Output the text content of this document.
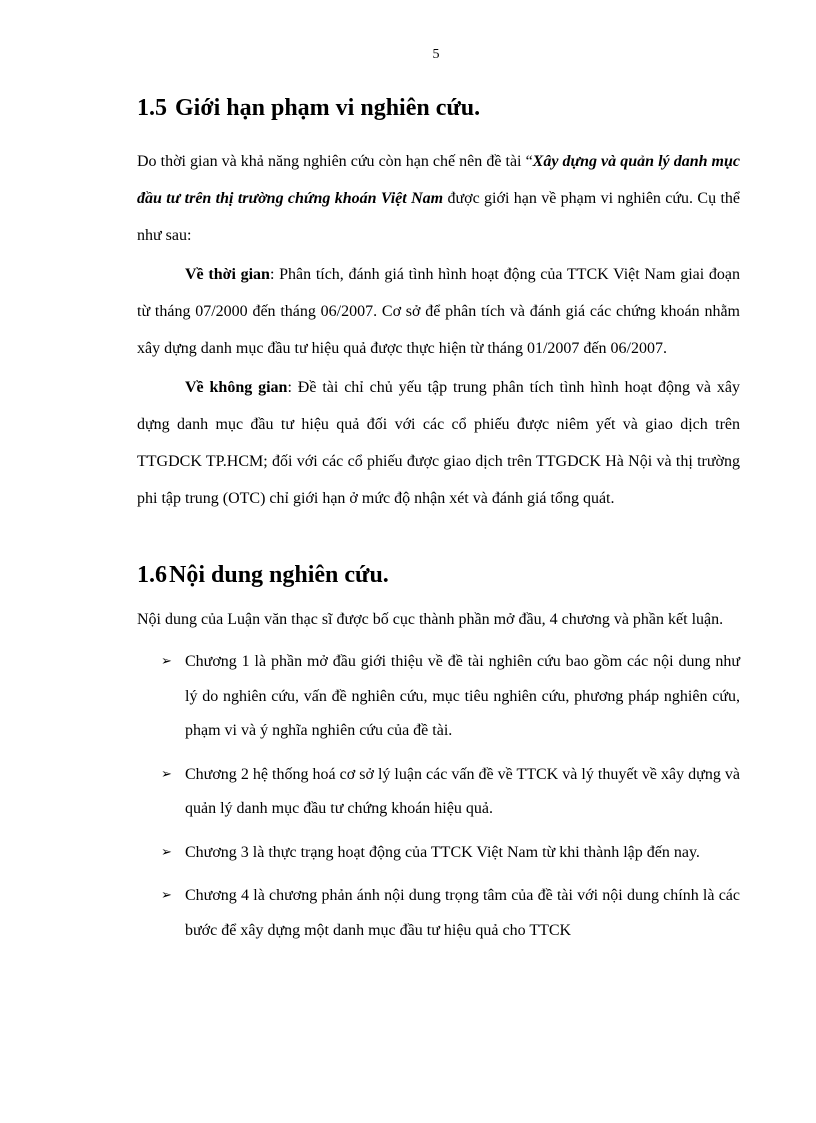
5
1.5 Giới hạn phạm vi nghiên cứu.

Do thời gian và khả năng nghiên cứu còn hạn chế nên đề tài “Xây dựng và quản lý danh mục đầu tư trên thị trường chứng khoán Việt Nam được giới hạn về phạm vi nghiên cứu. Cụ thể như sau:

Về thời gian: Phân tích, đánh giá tình hình hoạt động của TTCK Việt Nam giai đoạn từ tháng 07/2000 đến tháng 06/2007. Cơ sở để phân tích và đánh giá các chứng khoán nhằm xây dựng danh mục đầu tư hiệu quả được thực hiện từ tháng 01/2007 đến 06/2007.

Về không gian: Đề tài chỉ chủ yếu tập trung phân tích tình hình hoạt động và xây dựng danh mục đầu tư hiệu quả đối với các cổ phiếu được niêm yết và giao dịch trên TTGDCK TP.HCM; đối với các cổ phiếu được giao dịch trên TTGDCK Hà Nội và thị trường phi tập trung (OTC) chỉ giới hạn ở mức độ nhận xét và đánh giá tổng quát.

1.6Nội dung nghiên cứu.

Nội dung của Luận văn thạc sĩ được bố cục thành phần mở đầu, 4 chương và phần kết luận.

➢ Chương 1 là phần mở đầu giới thiệu về đề tài nghiên cứu bao gồm các nội dung như lý do nghiên cứu, vấn đề nghiên cứu, mục tiêu nghiên cứu, phương pháp nghiên cứu, phạm vi và ý nghĩa nghiên cứu của đề tài.
➢ Chương 2 hệ thống hoá cơ sở lý luận các vấn đề về TTCK và lý thuyết về xây dựng và quản lý danh mục đầu tư chứng khoán hiệu quả.
➢ Chương 3 là thực trạng hoạt động của TTCK Việt Nam từ khi thành lập đến nay.
➢ Chương 4 là chương phản ánh nội dung trọng tâm của đề tài với nội dung chính là các bước để xây dựng một danh mục đầu tư hiệu quả cho TTCK
